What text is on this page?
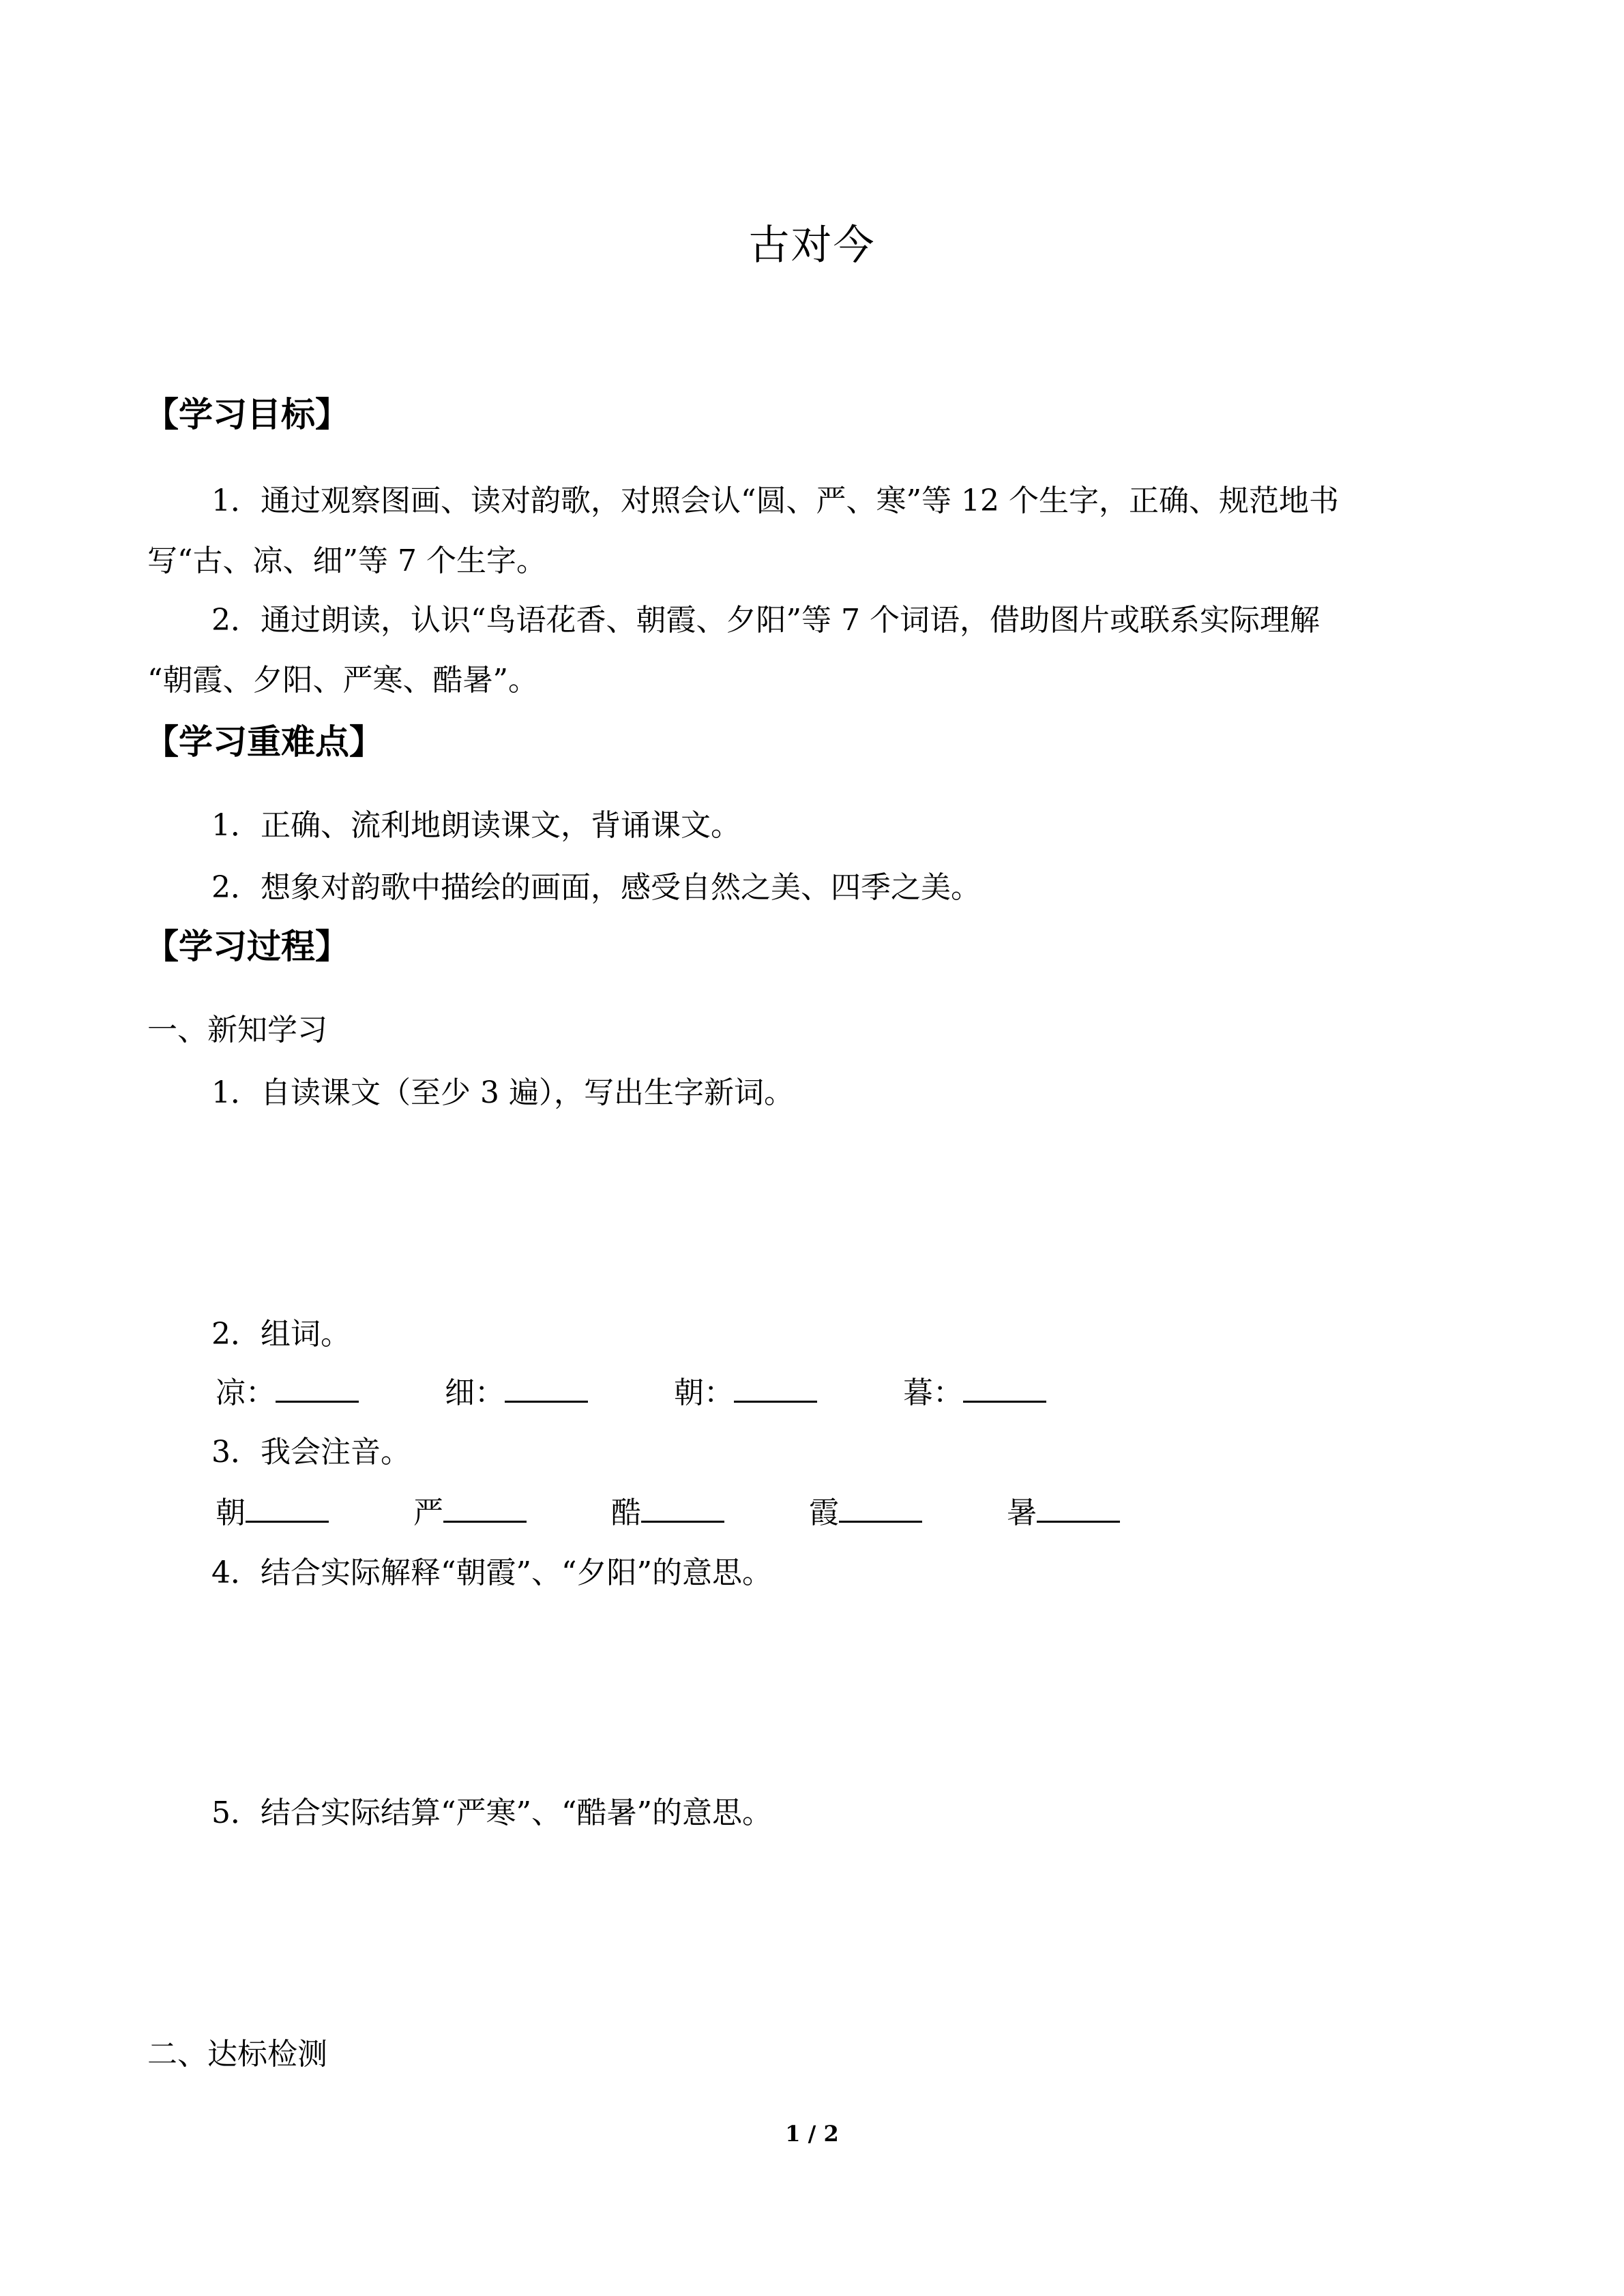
古对今
【学习目标】
1．通过观察图画、读对韵歌，对照会认“圆、严、寒”等 12 个生字，正确、规范地书
写“古、凉、细”等 7 个生字。
2．通过朗读，认识“鸟语花香、朝霞、夕阳”等 7 个词语，借助图片或联系实际理解
“朝霞、夕阳、严寒、酷暑”。
【学习重难点】
1．正确、流利地朗读课文，背诵课文。
2．想象对韵歌中描绘的画面，感受自然之美、四季之美。
【学习过程】
一、新知学习
1．自读课文（至少 3 遍），写出生字新词。
2．组词。
凉：	细：	朝：	暮：
3．我会注音。
朝	严	酷	霞	暑
4．结合实际解释“朝霞”、“夕阳”的意思。
5．结合实际结算“严寒”、“酷暑”的意思。
二、达标检测
1 / 2
